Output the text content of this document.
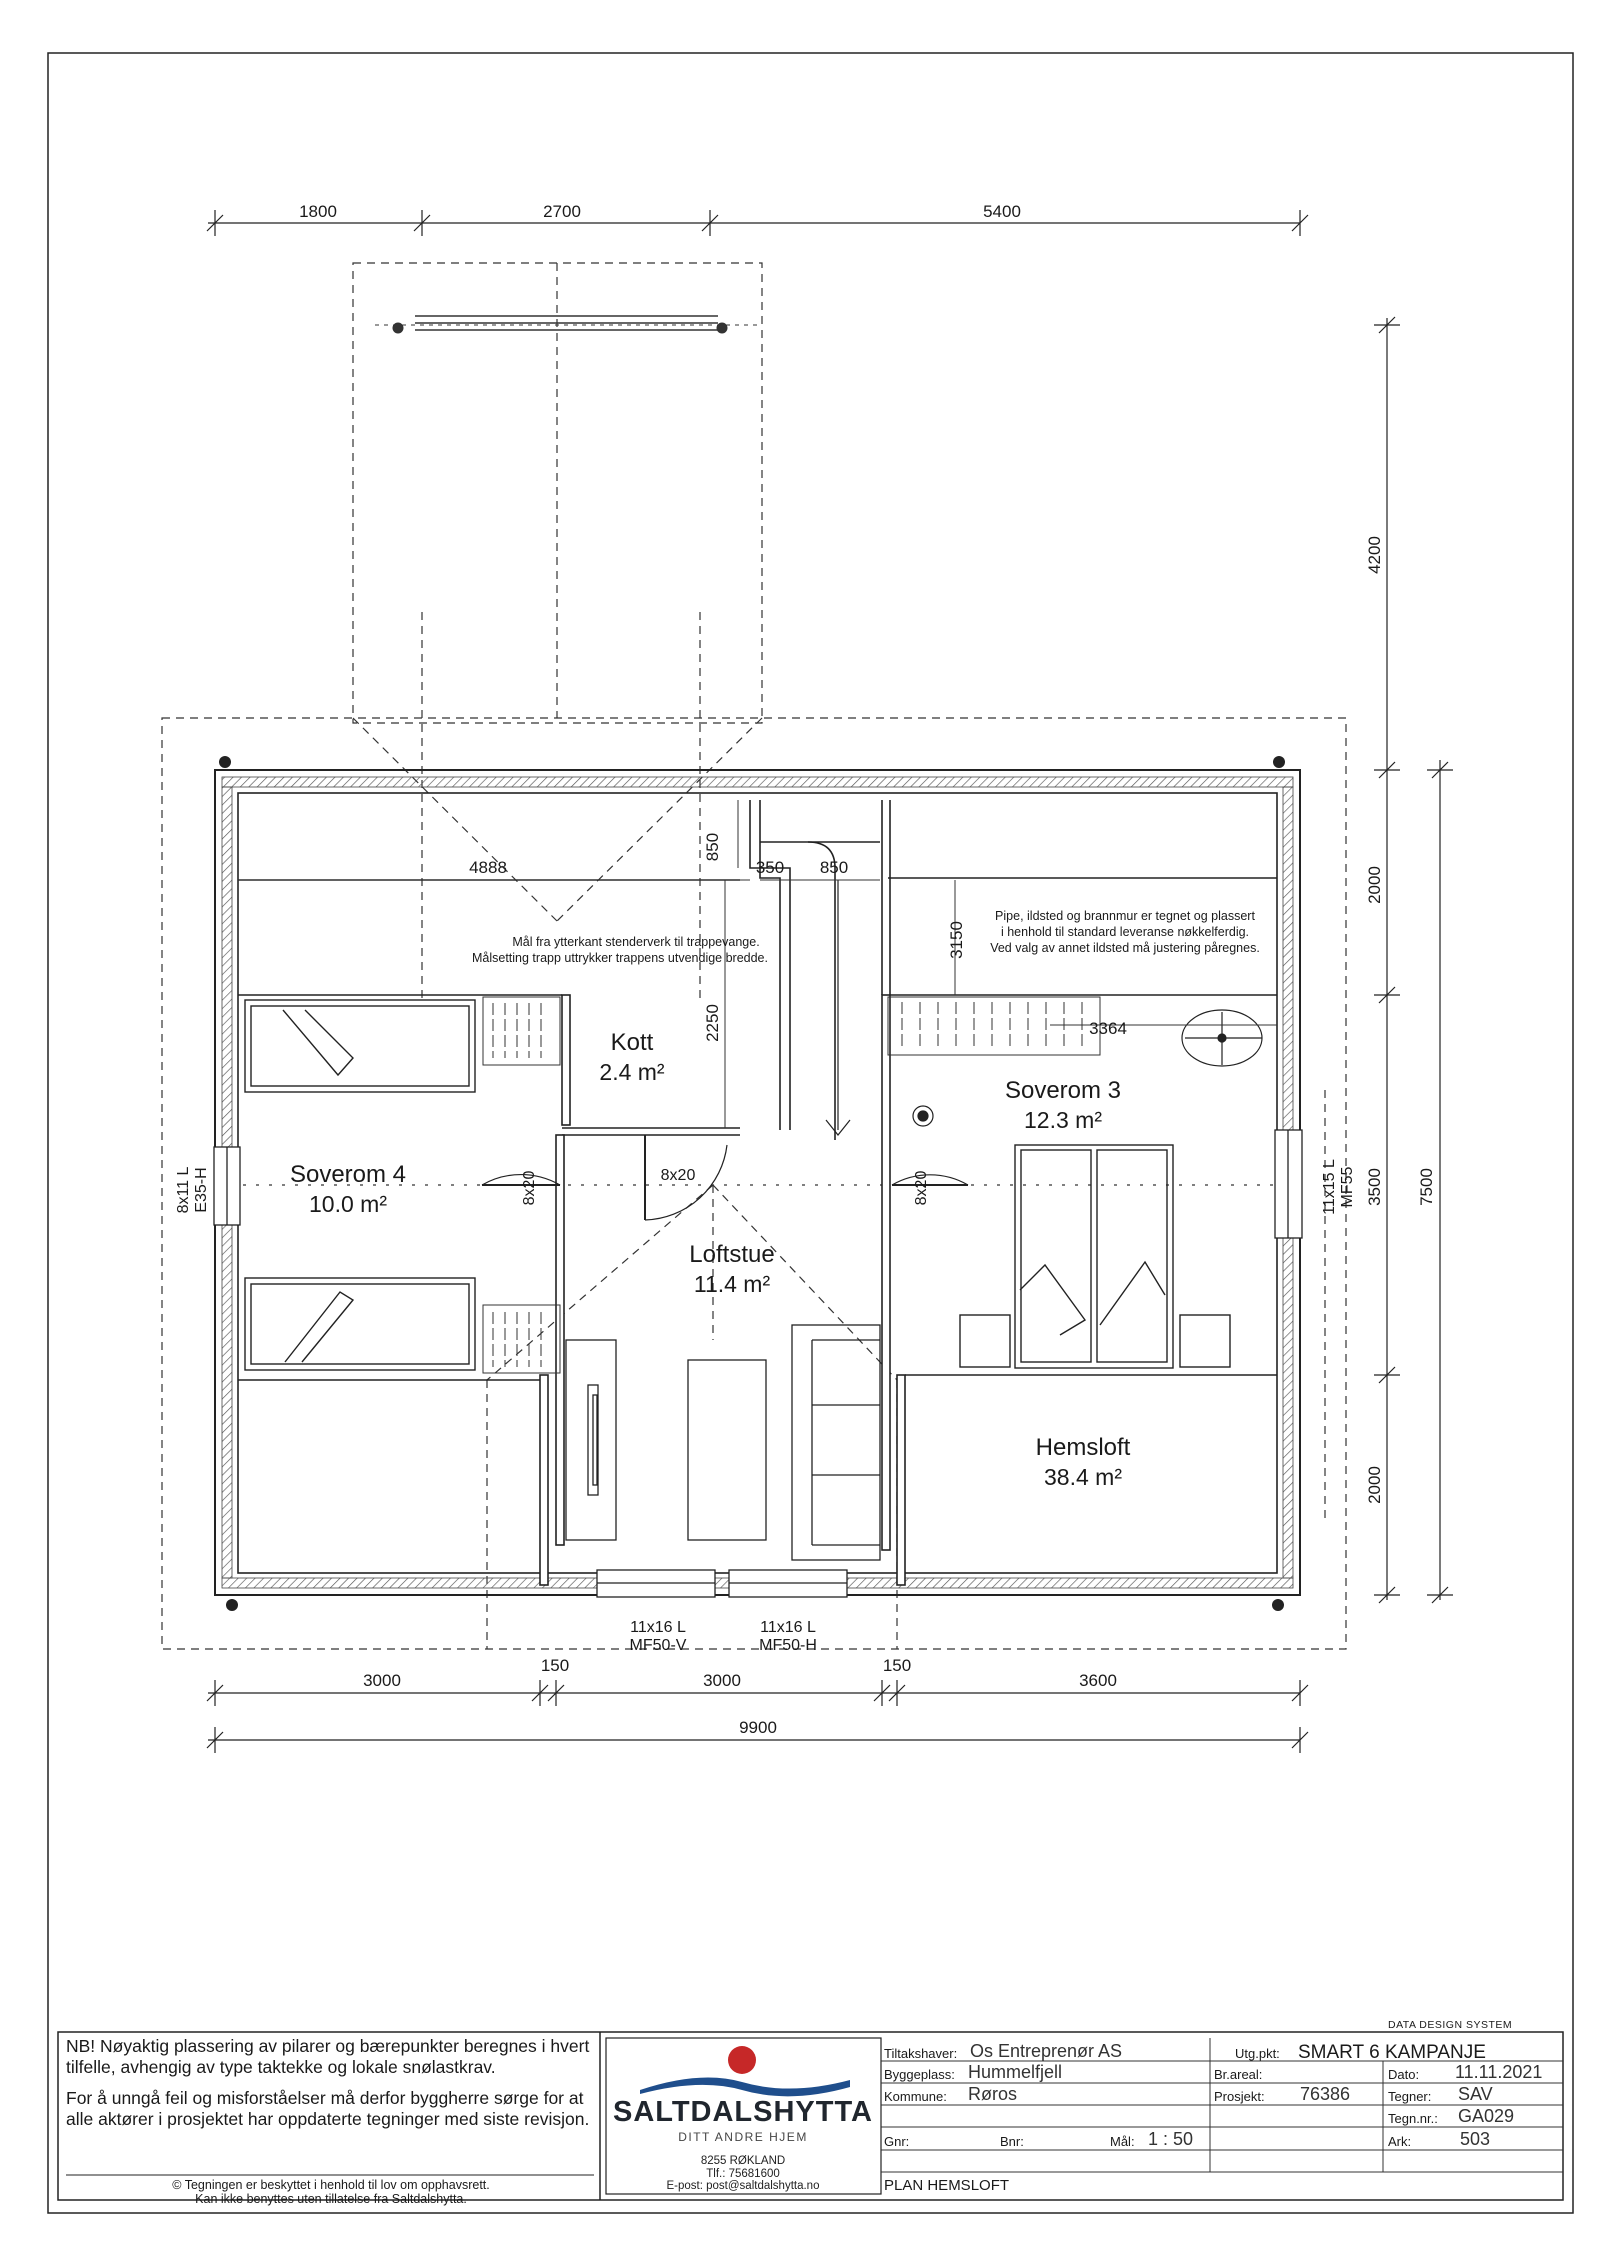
1800	2700	5400
3000
150
3000
150
3600
9900
4200
2000
3500
2000
7500
4888
850
350 850
2250
3150
3364
Soverom 4
10.0 m²
Kott
2.4 m²
Soverom 3
12.3 m²
Loftstue
11.4 m²
Hemsloft
38.4 m²
8x20	8x20	8x20
8x11 L E35-H	11x15 L MF55
11x16 L
MF50-V
11x16 L
MF50-H
Mål fra ytterkant stenderverk til trappevange.
Målsetting trapp uttrykker trappens utvendige bredde.
Pipe, ildsted og brannmur er tegnet og plassert
i henhold til standard leveranse nøkkelferdig.
Ved valg av annet ildsted må justering påregnes.

NB! Nøyaktig plassering av pilarer og bærepunkter beregnes i hvert tilfelle, avhengig av type taktekke og lokale snølastkrav.

For å unngå feil og misforståelser må derfor byggherre sørge for at alle aktører i prosjektet har oppdaterte tegninger med siste revisjon.

© Tegningen er beskyttet i henhold til lov om opphavsrett.
Kan ikke benyttes uten tillatelse fra Saltdalshytta.
SALTDALSHYTTA
DITT ANDRE HJEM
8255 RØKLAND
Tlf.: 75681600
E-post: post@saltdalshytta.no
DATA DESIGN SYSTEM
Tiltakshaver: Os Entreprenør AS	Utg.pkt: SMART 6 KAMPANJE
Byggeplass: Hummelfjell	Br.areal:	Dato: 11.11.2021
Kommune: Røros	Prosjekt: 76386	Tegner: SAV
Tegn.nr.: GA029
Gnr:	Bnr:	Mål: 1 : 50	Ark:	503
PLAN HEMSLOFT
